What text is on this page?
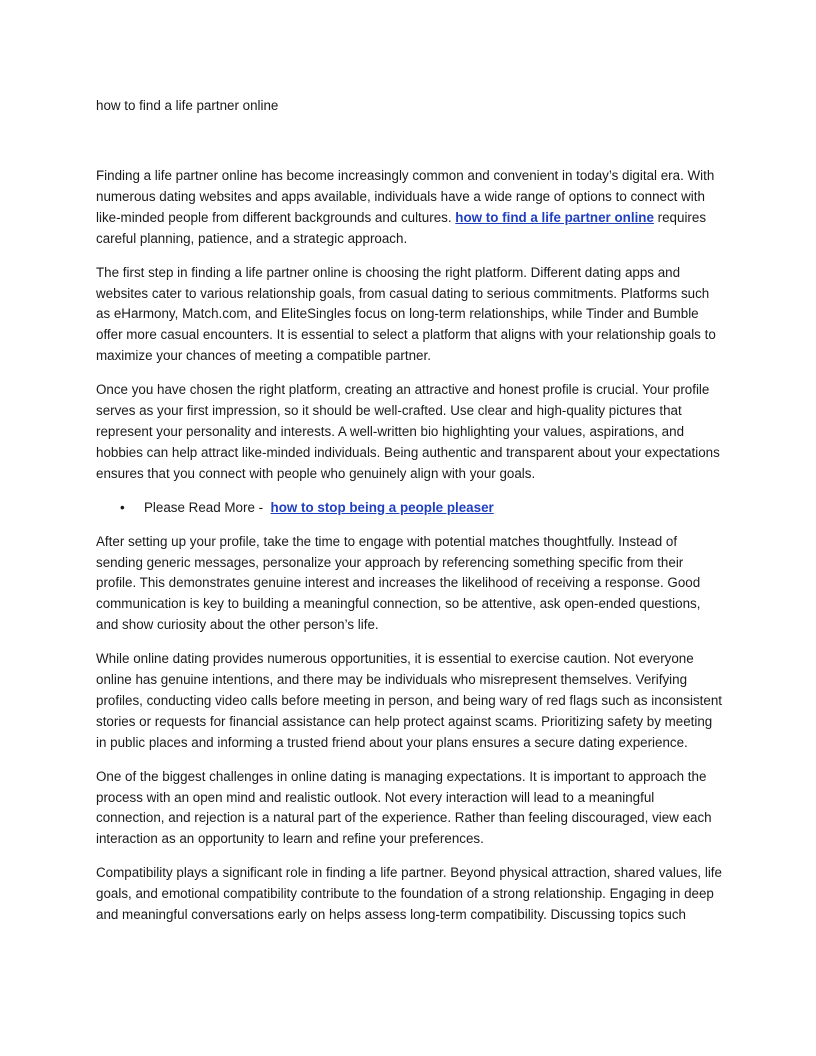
how to find a life partner online

Finding a life partner online has become increasingly common and convenient in today’s digital era. With numerous dating websites and apps available, individuals have a wide range of options to connect with like-minded people from different backgrounds and cultures. how to find a life partner online requires careful planning, patience, and a strategic approach.

The first step in finding a life partner online is choosing the right platform. Different dating apps and websites cater to various relationship goals, from casual dating to serious commitments. Platforms such as eHarmony, Match.com, and EliteSingles focus on long-term relationships, while Tinder and Bumble offer more casual encounters. It is essential to select a platform that aligns with your relationship goals to maximize your chances of meeting a compatible partner.

Once you have chosen the right platform, creating an attractive and honest profile is crucial. Your profile serves as your first impression, so it should be well-crafted. Use clear and high-quality pictures that represent your personality and interests. A well-written bio highlighting your values, aspirations, and hobbies can help attract like-minded individuals. Being authentic and transparent about your expectations ensures that you connect with people who genuinely align with your goals.

• Please Read More -  how to stop being a people pleaser

After setting up your profile, take the time to engage with potential matches thoughtfully. Instead of sending generic messages, personalize your approach by referencing something specific from their profile. This demonstrates genuine interest and increases the likelihood of receiving a response. Good communication is key to building a meaningful connection, so be attentive, ask open-ended questions, and show curiosity about the other person’s life.

While online dating provides numerous opportunities, it is essential to exercise caution. Not everyone online has genuine intentions, and there may be individuals who misrepresent themselves. Verifying profiles, conducting video calls before meeting in person, and being wary of red flags such as inconsistent stories or requests for financial assistance can help protect against scams. Prioritizing safety by meeting in public places and informing a trusted friend about your plans ensures a secure dating experience.

One of the biggest challenges in online dating is managing expectations. It is important to approach the process with an open mind and realistic outlook. Not every interaction will lead to a meaningful connection, and rejection is a natural part of the experience. Rather than feeling discouraged, view each interaction as an opportunity to learn and refine your preferences.

Compatibility plays a significant role in finding a life partner. Beyond physical attraction, shared values, life goals, and emotional compatibility contribute to the foundation of a strong relationship. Engaging in deep and meaningful conversations early on helps assess long-term compatibility. Discussing topics such
